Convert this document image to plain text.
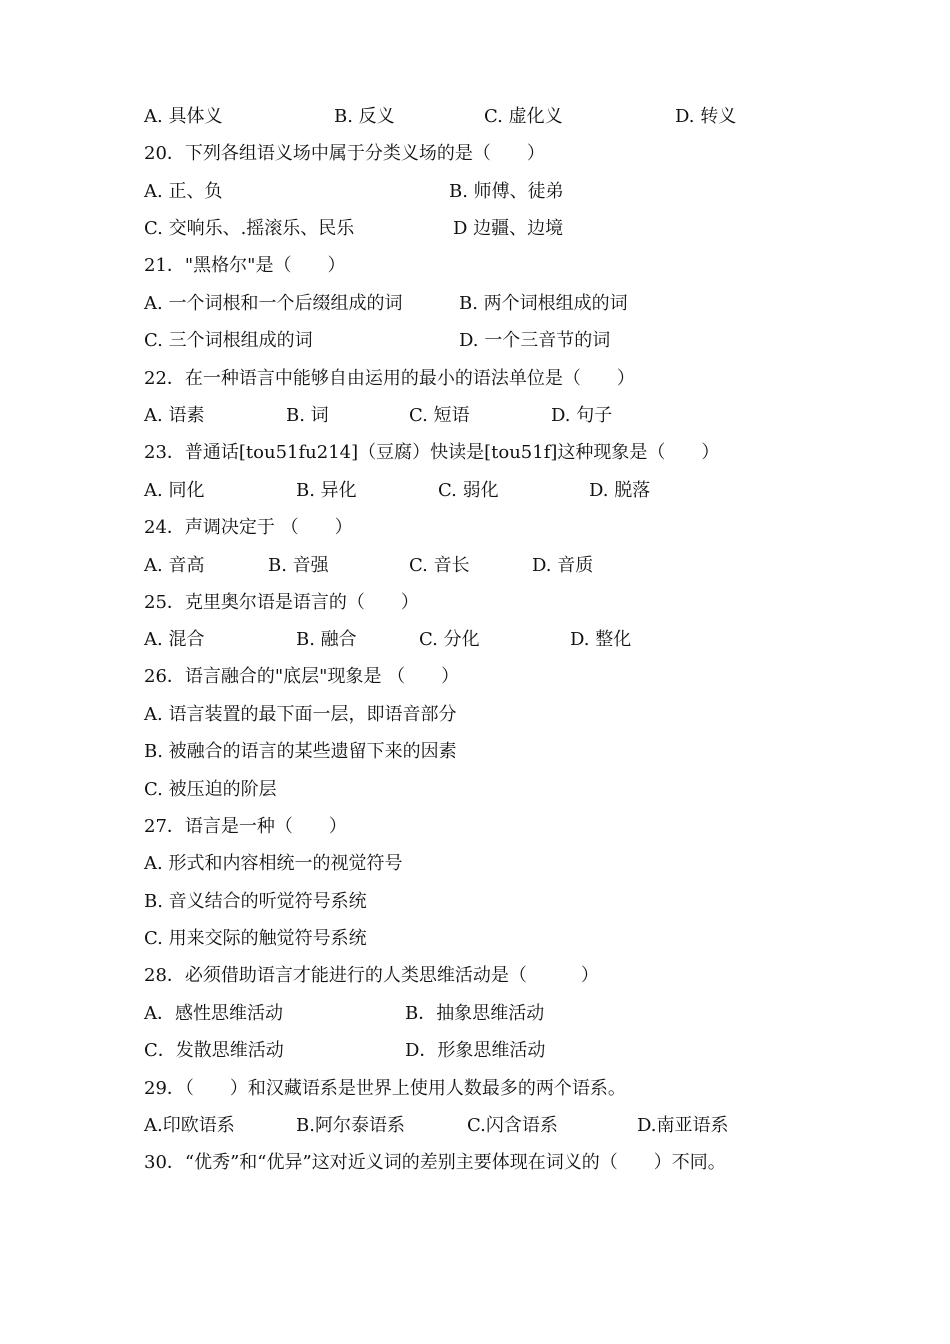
A. 具体义	B. 反义	C. 虚化义	D. 转义
20．下列各组语义场中属于分类义场的是（　　）
A. 正、负	B. 师傅、徒弟
C. 交响乐、.摇滚乐、民乐	D 边疆、边境
21．"黑格尔"是（　　）
A. 一个词根和一个后缀组成的词	B. 两个词根组成的词
C. 三个词根组成的词	D. 一个三音节的词
22．在一种语言中能够自由运用的最小的语法单位是（　　）
A. 语素	B. 词	C. 短语	D. 句子
23．普通话[tou51fu214]（豆腐）快读是[tou51f]这种现象是（　　）
A. 同化	B. 异化	C. 弱化	D. 脱落
24．声调决定于 （　　）
A. 音高	B. 音强	C. 音长	D. 音质
25．克里奥尔语是语言的（　　）
A. 混合	B. 融合	C. 分化	D. 整化
26．语言融合的"底层"现象是 （　　）
A. 语言装置的最下面一层，即语音部分
B. 被融合的语言的某些遗留下来的因素
C. 被压迫的阶层
27．语言是一种（　　）
A. 形式和内容相统一的视觉符号
B. 音义结合的听觉符号系统
C. 用来交际的触觉符号系统
28．必须借助语言才能进行的人类思维活动是（　　　）
A．感性思维活动	B．抽象思维活动
C．发散思维活动	D．形象思维活动
29．（　　）和汉藏语系是世界上使用人数最多的两个语系。
A.印欧语系	B.阿尔泰语系	C.闪含语系	D.南亚语系
30．“优秀”和“优异”这对近义词的差别主要体现在词义的（　　）不同。
